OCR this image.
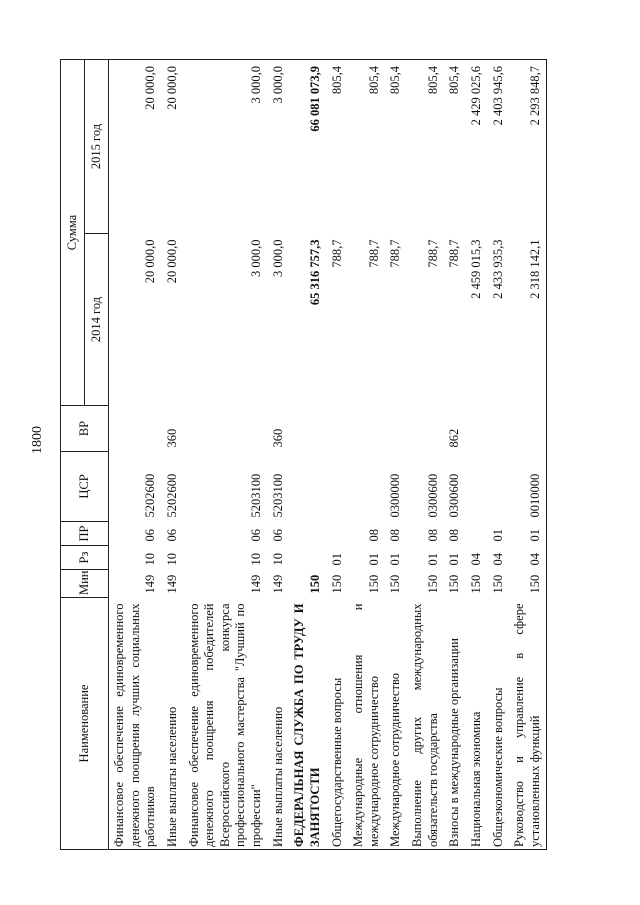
1800
Наименование	Мин	Рз	ПР	ЦСР	ВР	Сумма	
						2014 год	2015 год
Финансовое обеспечение единовременного денежного поощрения лучших социальных работников	149	10	06	5202600		20 000,0	20 000,0
Иные выплаты населению	149	10	06	5202600	360	20 000,0	20 000,0
Финансовое обеспечение единовременного денежного поощрения победителей Всероссийского конкурса профессионального мастерства "Лучший по профессии"	149	10	06	5203100		3 000,0	3 000,0
Иные выплаты населению	149	10	06	5203100	360	3 000,0	3 000,0
ФЕДЕРАЛЬНАЯ СЛУЖБА ПО ТРУДУ И ЗАНЯТОСТИ	150					65 316 757,3	66 081 073,9
Общегосударственные вопросы	150	01				788,7	805,4
Международные отношения и международное сотрудничество	150	01	08			788,7	805,4
Международное сотрудничество	150	01	08	0300000		788,7	805,4
Выполнение других международных обязательств государства	150	01	08	0300600		788,7	805,4
Взносы в международные организации	150	01	08	0300600	862	788,7	805,4
Национальная экономика	150	04				2 459 015,3	2 429 025,6
Общеэкономические вопросы	150	04	01			2 433 935,3	2 403 945,6
Руководство и управление в сфере установленных функций	150	04	01	0010000		2 318 142,1	2 293 848,7
